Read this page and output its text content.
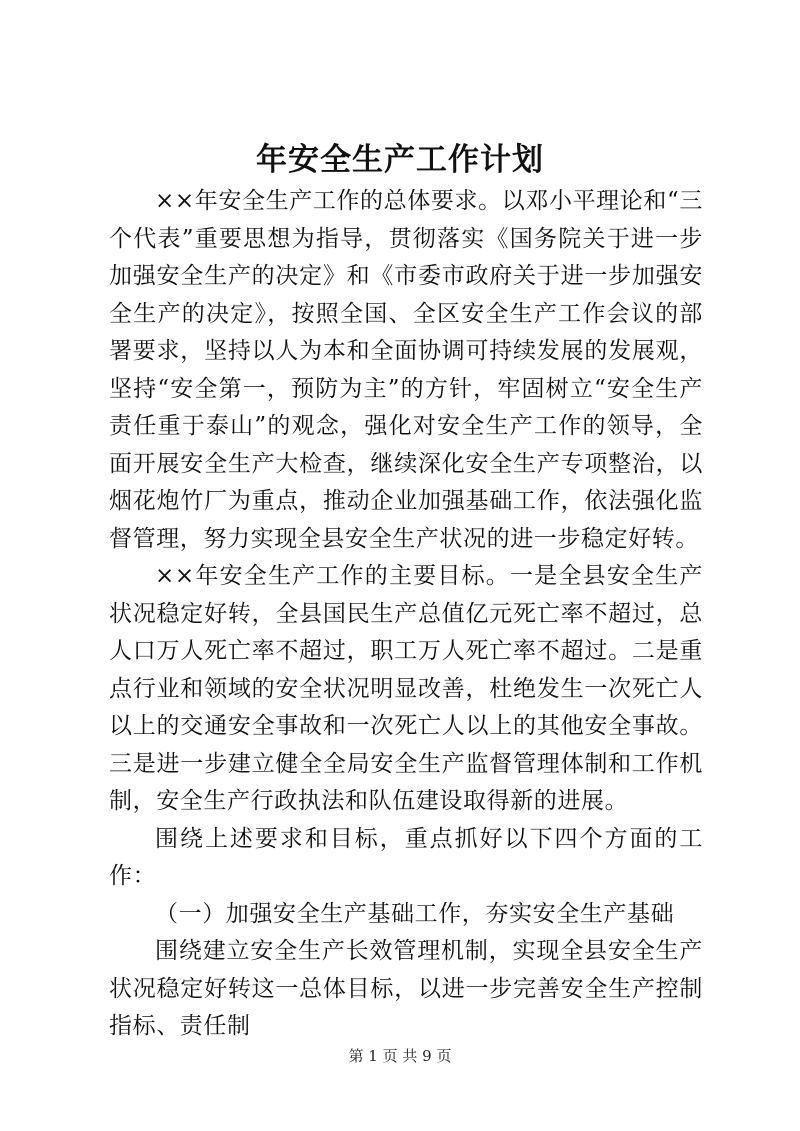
年安全生产工作计划

××年安全生产工作的总体要求。以邓小平理论和“三个代表”重要思想为指导，贯彻落实《国务院关于进一步加强安全生产的决定》和《市委市政府关于进一步加强安全生产的决定》，按照全国、全区安全生产工作会议的部署要求，坚持以人为本和全面协调可持续发展的发展观，坚持“安全第一，预防为主”的方针，牢固树立“安全生产责任重于泰山”的观念，强化对安全生产工作的领导，全面开展安全生产大检查，继续深化安全生产专项整治，以烟花炮竹厂为重点，推动企业加强基础工作，依法强化监督管理，努力实现全县安全生产状况的进一步稳定好转。

××年安全生产工作的主要目标。一是全县安全生产状况稳定好转，全县国民生产总值亿元死亡率不超过，总人口万人死亡率不超过，职工万人死亡率不超过。二是重点行业和领域的安全状况明显改善，杜绝发生一次死亡人以上的交通安全事故和一次死亡人以上的其他安全事故。三是进一步建立健全全局安全生产监督管理体制和工作机制，安全生产行政执法和队伍建设取得新的进展。

围绕上述要求和目标，重点抓好以下四个方面的工作：

（一）加强安全生产基础工作，夯实安全生产基础

围绕建立安全生产长效管理机制，实现全县安全生产状况稳定好转这一总体目标，以进一步完善安全生产控制指标、责任制

第 1 页 共 9 页
